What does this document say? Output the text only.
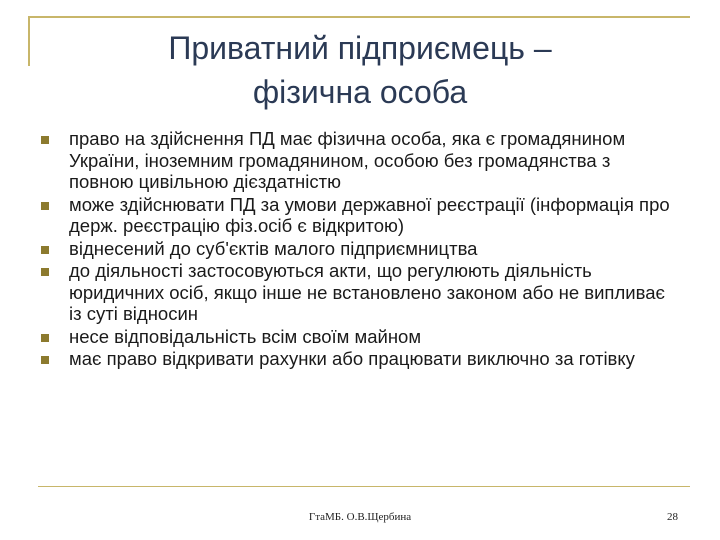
Приватний підприємець –
фізична особа
право на здійснення ПД має фізична особа, яка є громадянином України, іноземним громадянином, особою без громадянства з повною цивільною дієздатністю
може здійснювати ПД за умови державної реєстрації (інформація про держ. реєстрацію фіз.осіб є відкритою)
віднесений до суб'єктів малого підприємництва
до діяльності застосовуються акти, що регулюють діяльність юридичних осіб, якщо інше не встановлено законом або не випливає із суті відносин
несе відповідальність всім своїм майном
має право відкривати рахунки або працювати виключно за готівку
ГтаМБ. О.В.Щербина	28
